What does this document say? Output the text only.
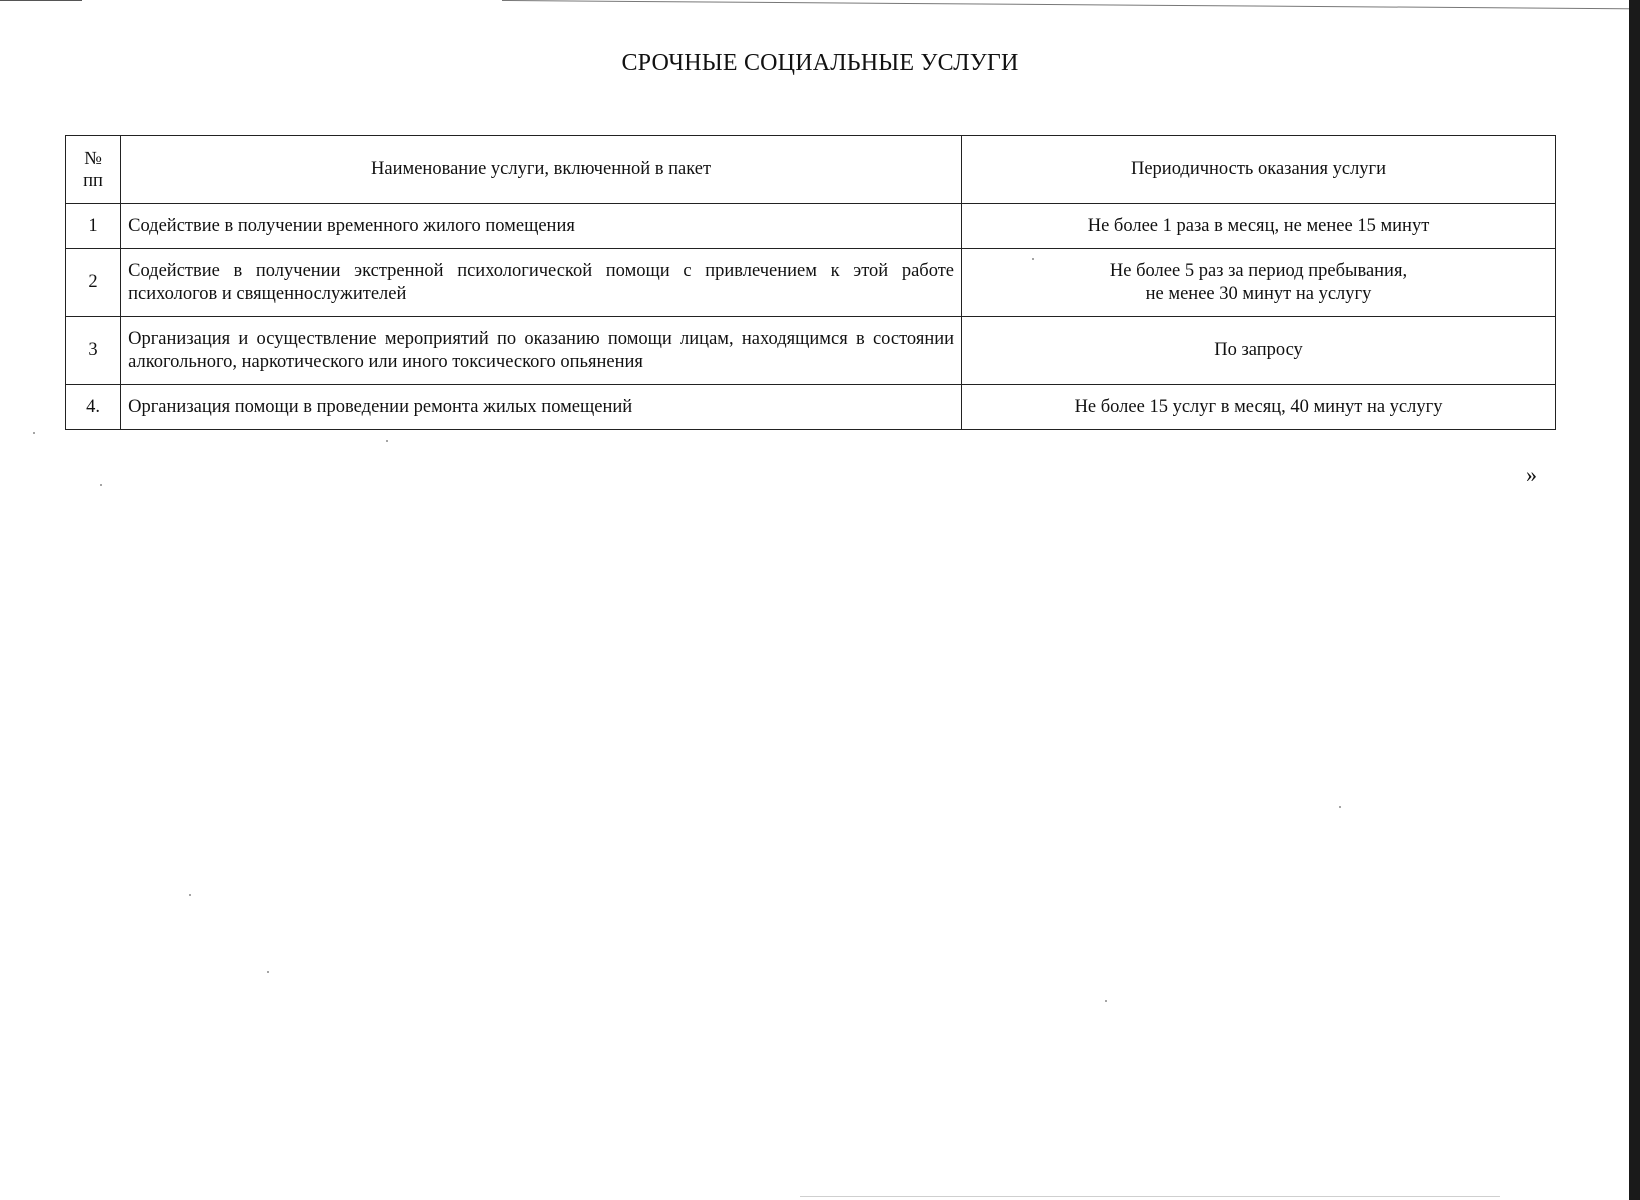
СРОЧНЫЕ СОЦИАЛЬНЫЕ УСЛУГИ
№
пп	Наименование услуги, включенной в пакет	Периодичность оказания услуги
1	Содействие в получении временного жилого помещения	Не более 1 раза в месяц, не менее 15 минут

2	Содействие в получении экстренной психологической помощи с привлечением к этой работе психологов и священнослужителей	Не более 5 раз за период пребывания,
не менее 30 минут на услугу

3	Организация и осуществление мероприятий по оказанию помощи лицам, находящимся в состоянии алкогольного, наркотического или иного токсического опьянения	По запросу

4.	Организация помощи в проведении ремонта жилых помещений	Не более 15 услуг в месяц, 40 минут на услугу
»
